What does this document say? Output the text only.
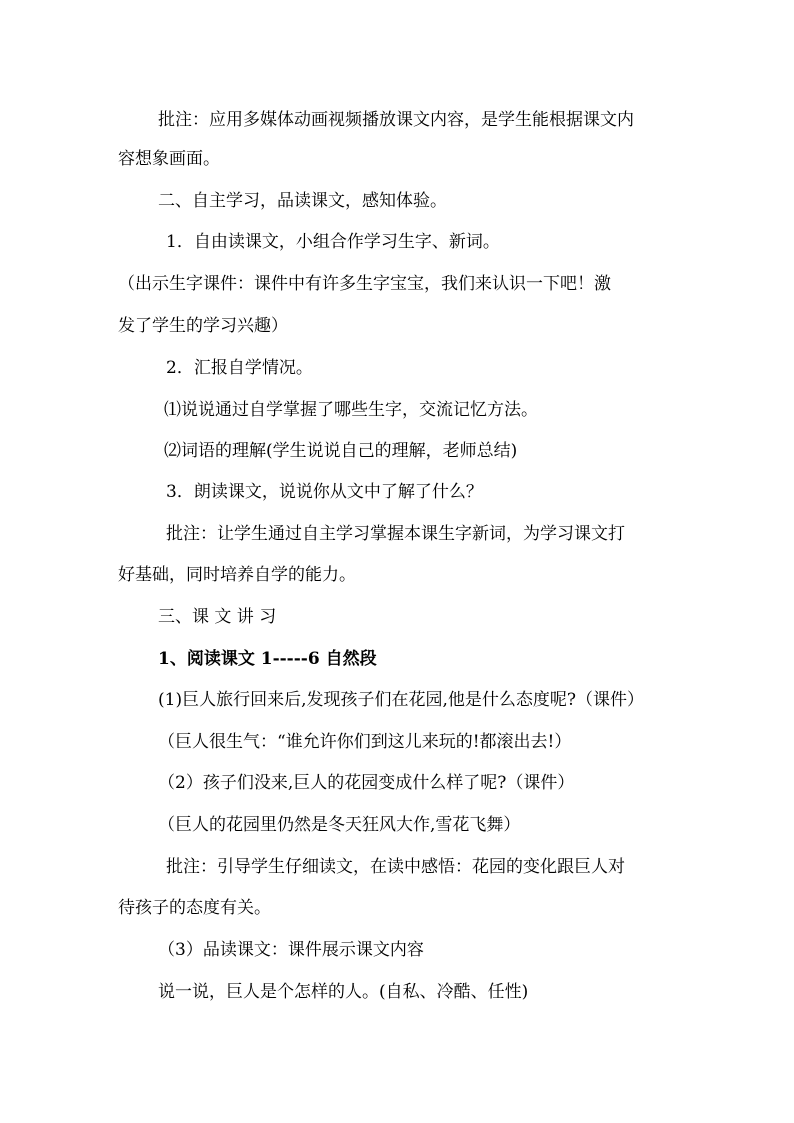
批注：应用多媒体动画视频播放课文内容，是学生能根据课文内

容想象画面。

二、自主学习，品读课文，感知体验。

1．自由读课文，小组合作学习生字、新词。

（出示生字课件：课件中有许多生字宝宝，我们来认识一下吧！激

发了学生的学习兴趣）

2．汇报自学情况。

⑴说说通过自学掌握了哪些生字，交流记忆方法。

⑵词语的理解(学生说说自己的理解，老师总结)

3．朗读课文，说说你从文中了解了什么？

批注：让学生通过自主学习掌握本课生字新词，为学习课文打

好基础，同时培养自学的能力。

三、课 文 讲 习

1、阅读课文 1-----6 自然段

(1)巨人旅行回来后,发现孩子们在花园,他是什么态度呢?（课件）

（巨人很生气：“谁允许你们到这儿来玩的!都滚出去!）

（2）孩子们没来,巨人的花园变成什么样了呢?（课件）

（巨人的花园里仍然是冬天狂风大作,雪花飞舞）

批注：引导学生仔细读文，在读中感悟：花园的变化跟巨人对

待孩子的态度有关。

（3）品读课文：课件展示课文内容

说一说，巨人是个怎样的人。(自私、冷酷、任性)
